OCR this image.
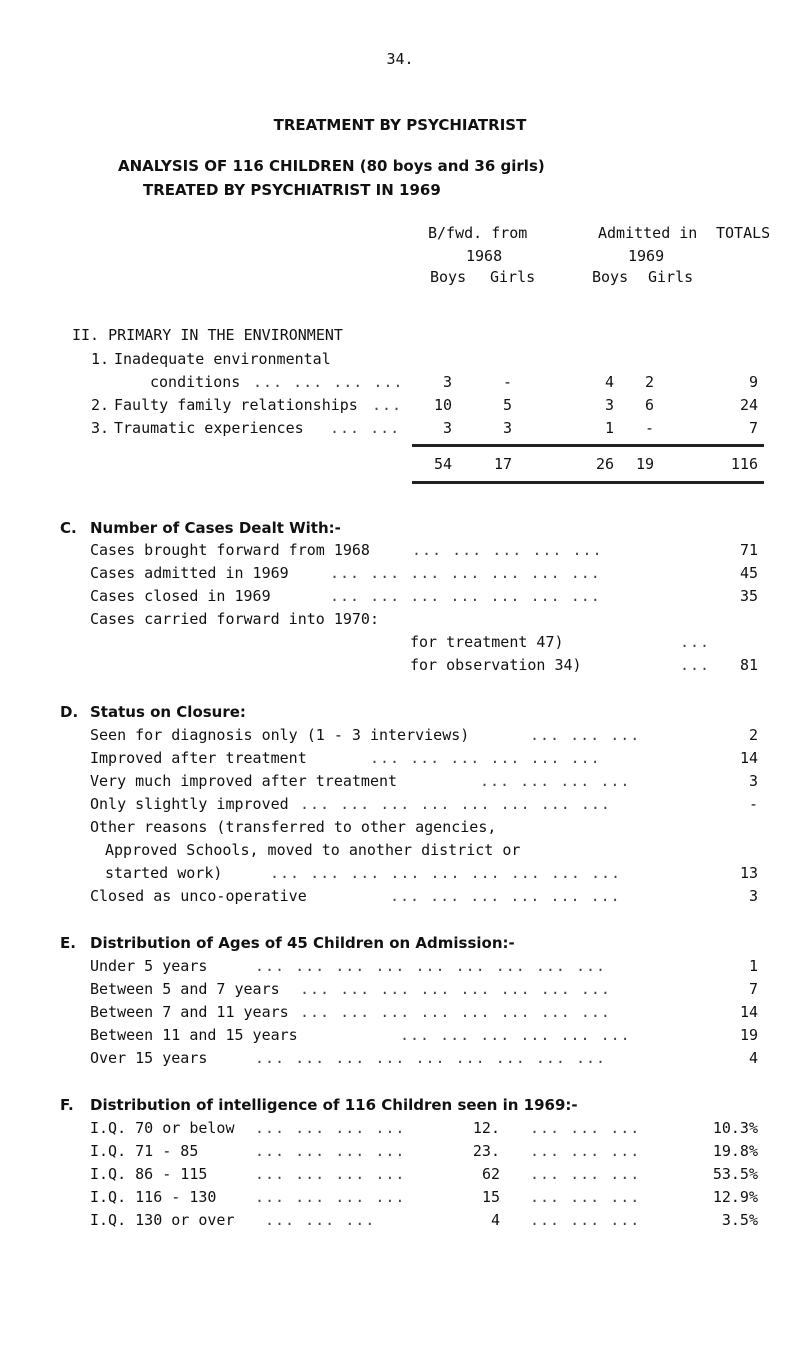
34.
TREATMENT BY PSYCHIATRIST
ANALYSIS OF 116 CHILDREN (80 boys and 36 girls)
TREATED BY PSYCHIATRIST IN 1969
B/fwd. from	Admitted in TOTALS
1968	1969
Boys Girls	Boys Girls
II. PRIMARY IN THE ENVIRONMENT
1. Inadequate environmental
conditions ... ... ... ...	3	-	4	2	9
2. Faulty family relationships ...	10	5	3	6	24
3. Traumatic experiences ... ...	3	3	1	-	7
54	17	26	19	116
C. Number of Cases Dealt With:-
Cases brought forward from 1968	... ... ... ... ...	71
Cases admitted in 1969	... ... ... ... ... ... ...	45
Cases closed in 1969	... ... ... ... ... ... ...	35
Cases carried forward into 1970:
for treatment 47)	...
for observation 34)	...	81
D. Status on Closure:
Seen for diagnosis only (1 - 3 interviews)	... ... ...	2
Improved after treatment	... ... ... ... ... ...	14
Very much improved after treatment	... ... ... ...	3
Only slightly improved ... ... ... ... ... ... ... ...	-
Other reasons (transferred to other agencies,
Approved Schools, moved to another district or
started work)	... ... ... ... ... ... ... ... ...	13
Closed as unco-operative	... ... ... ... ... ...	3
E. Distribution of Ages of 45 Children on Admission:-
Under 5 years	... ... ... ... ... ... ... ... ...	1
Between 5 and 7 years ... ... ... ... ... ... ... ...	7
Between 7 and 11 years ... ... ... ... ... ... ... ...	14
Between 11 and 15 years	... ... ... ... ... ...	19
Over 15 years	... ... ... ... ... ... ... ... ...	4
F. Distribution of intelligence of 116 Children seen in 1969:-
I.Q. 70 or below ... ... ... ...	12. ... ... ...	10.3%
I.Q. 71 - 85	... ... ... ...	23. ... ... ...	19.8%
I.Q. 86 - 115	... ... ... ...	62 ... ... ...	53.5%
I.Q. 116 - 130	... ... ... ...	15 ... ... ...	12.9%
I.Q. 130 or over ... ... ...	4 ... ... ...	3.5%
